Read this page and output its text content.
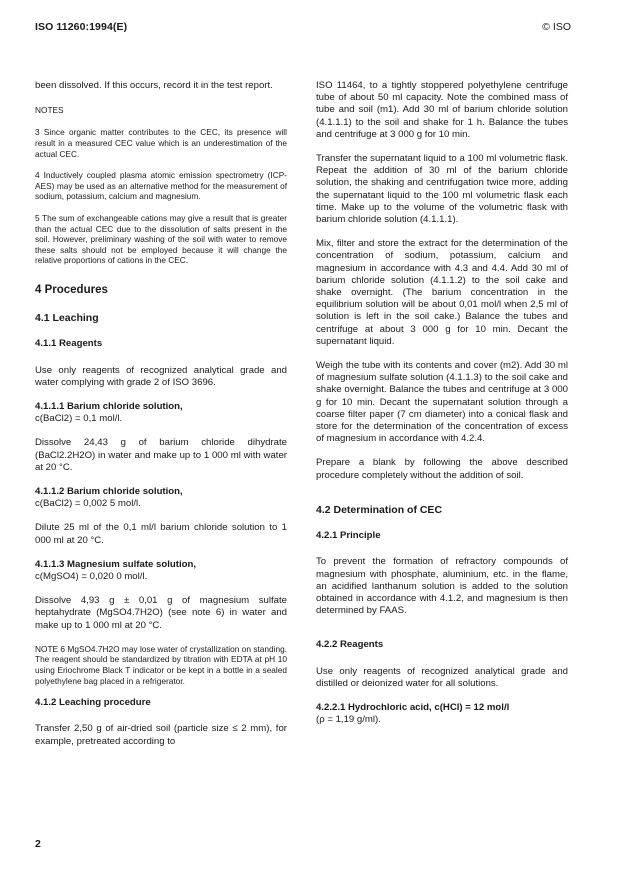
ISO 11260:1994(E)	© ISO

been dissolved. If this occurs, record it in the test report.

NOTES

3 Since organic matter contributes to the CEC, its presence will result in a measured CEC value which is an underestimation of the actual CEC.

4 Inductively coupled plasma atomic emission spectrometry (ICP-AES) may be used as an alternative method for the measurement of sodium, potassium, calcium and magnesium.

5 The sum of exchangeable cations may give a result that is greater than the actual CEC due to the dissolution of salts present in the soil. However, preliminary washing of the soil with water to remove these salts should not be employed because it will change the relative proportions of cations in the CEC.

4 Procedures
4.1 Leaching
4.1.1 Reagents

Use only reagents of recognized analytical grade and water complying with grade 2 of ISO 3696.

4.1.1.1 Barium chloride solution,

c(BaCl2) = 0,1 mol/l.

Dissolve 24,43 g of barium chloride dihydrate (BaCl2.2H2O) in water and make up to 1 000 ml with water at 20 °C.

4.1.1.2 Barium chloride solution,

c(BaCl2) = 0,002 5 mol/l.

Dilute 25 ml of the 0,1 ml/l barium chloride solution to 1 000 ml at 20 °C.

4.1.1.3 Magnesium sulfate solution,

c(MgSO4) = 0,020 0 mol/l.

Dissolve 4,93 g ± 0,01 g of magnesium sulfate heptahydrate (MgSO4.7H2O) (see note 6) in water and make up to 1 000 ml at 20 °C.

NOTE 6 MgSO4.7H2O may lose water of crystallization on standing. The reagent should be standardized by titration with EDTA at pH 10 using Eriochrome Black T indicator or be kept in a bottle in a sealed polyethylene bag placed in a refrigerator.

4.1.2 Leaching procedure

Transfer 2,50 g of air-dried soil (particle size ≤ 2 mm), for example, pretreated according to

ISO 11464, to a tightly stoppered polyethylene centrifuge tube of about 50 ml capacity. Note the combined mass of tube and soil (m1). Add 30 ml of barium chloride solution (4.1.1.1) to the soil and shake for 1 h. Balance the tubes and centrifuge at 3 000 g for 10 min.

Transfer the supernatant liquid to a 100 ml volumetric flask. Repeat the addition of 30 ml of the barium chloride solution, the shaking and centrifugation twice more, adding the supernatant liquid to the 100 ml volumetric flask each time. Make up to the volume of the volumetric flask with barium chloride solution (4.1.1.1).

Mix, filter and store the extract for the determination of the concentration of sodium, potassium, calcium and magnesium in accordance with 4.3 and 4.4. Add 30 ml of barium chloride solution (4.1.1.2) to the soil cake and shake overnight. (The barium concentration in the equilibrium solution will be about 0,01 mol/l when 2,5 ml of solution is left in the soil cake.) Balance the tubes and centrifuge at about 3 000 g for 10 min. Decant the supernatant liquid.

Weigh the tube with its contents and cover (m2). Add 30 ml of magnesium sulfate solution (4.1.1.3) to the soil cake and shake overnight. Balance the tubes and centrifuge at 3 000 g for 10 min. Decant the supernatant solution through a coarse filter paper (7 cm diameter) into a conical flask and store for the determination of the concentration of excess of magnesium in accordance with 4.2.4.

Prepare a blank by following the above described procedure completely without the addition of soil.

4.2 Determination of CEC
4.2.1 Principle

To prevent the formation of refractory compounds of magnesium with phosphate, aluminium, etc. in the flame, an acidified lanthanum solution is added to the solution obtained in accordance with 4.1.2, and magnesium is then determined by FAAS.

4.2.2 Reagents

Use only reagents of recognized analytical grade and distilled or deionized water for all solutions.

4.2.2.1 Hydrochloric acid, c(HCl) = 12 mol/l

(ρ = 1,19 g/ml).

2
